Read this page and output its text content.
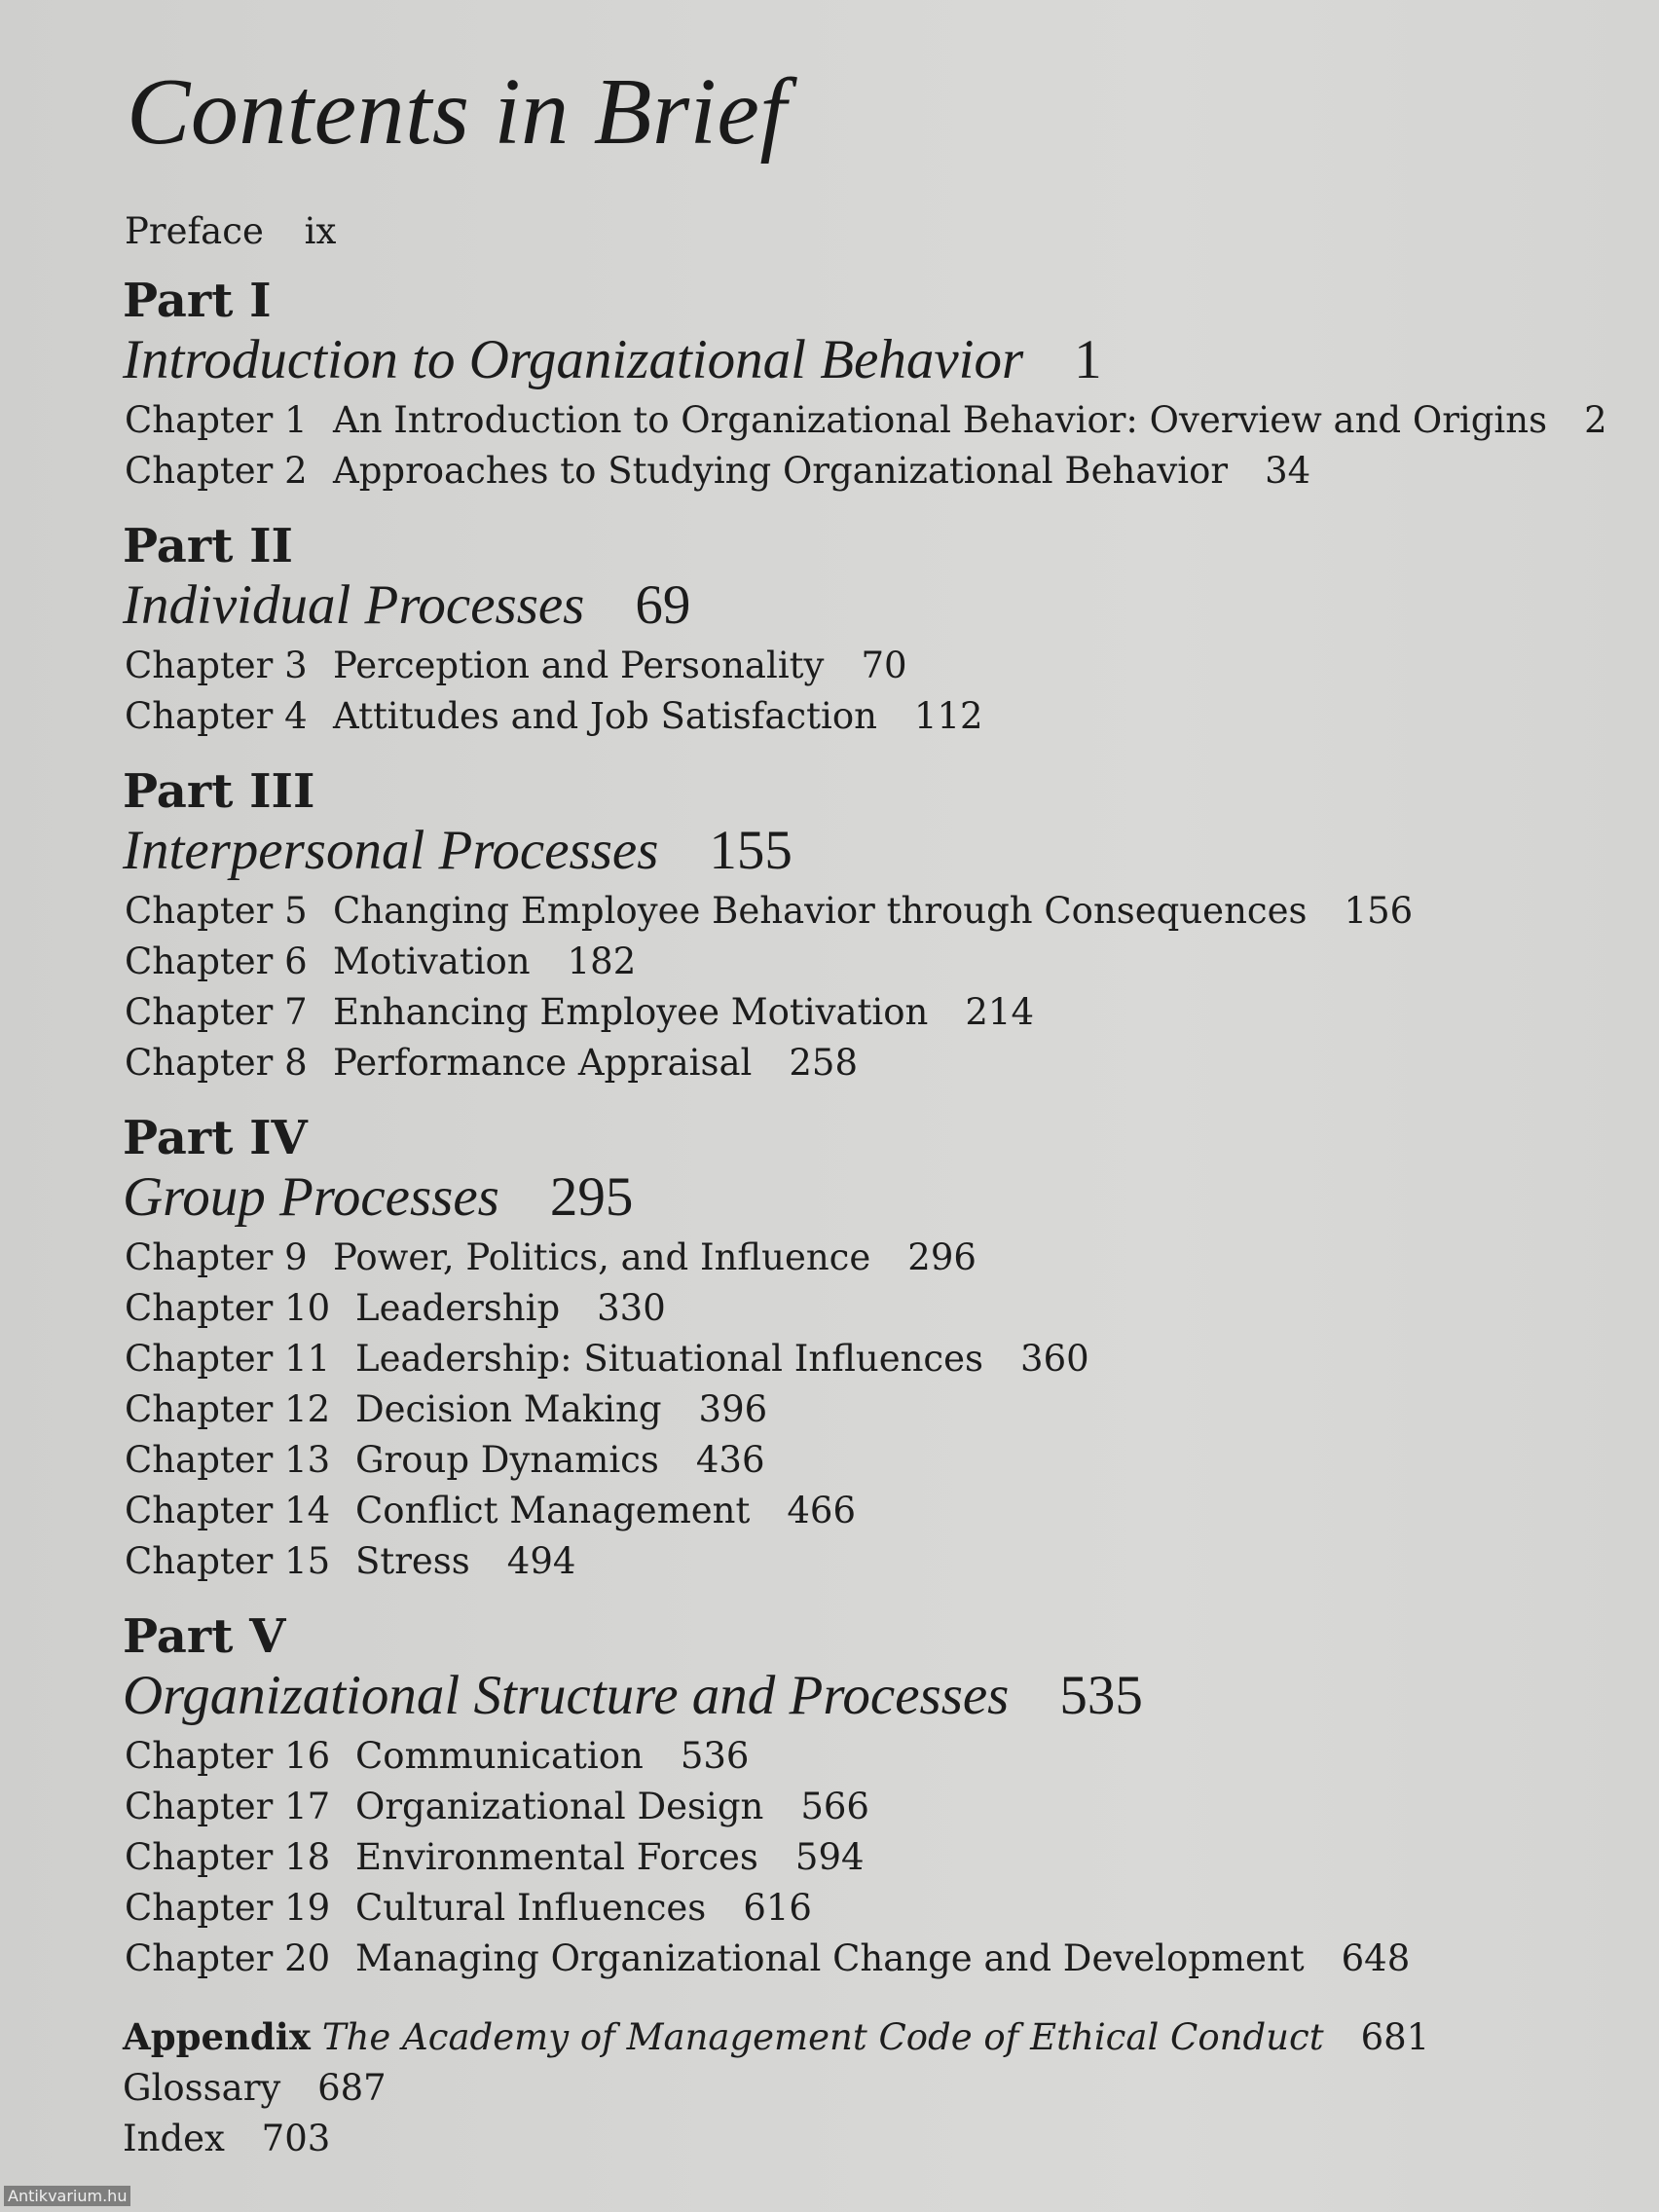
Contents in Brief
Preface ix
Part I
Introduction to Organizational Behavior 1
Chapter 1 An Introduction to Organizational Behavior: Overview and Origins 2
Chapter 2 Approaches to Studying Organizational Behavior 34
Part II
Individual Processes 69
Chapter 3 Perception and Personality 70
Chapter 4 Attitudes and Job Satisfaction 112
Part III
Interpersonal Processes 155
Chapter 5 Changing Employee Behavior through Consequences 156
Chapter 6 Motivation 182
Chapter 7 Enhancing Employee Motivation 214
Chapter 8 Performance Appraisal 258
Part IV
Group Processes 295
Chapter 9 Power, Politics, and Influence 296
Chapter 10 Leadership 330
Chapter 11 Leadership: Situational Influences 360
Chapter 12 Decision Making 396
Chapter 13 Group Dynamics 436
Chapter 14 Conflict Management 466
Chapter 15 Stress 494
Part V
Organizational Structure and Processes 535
Chapter 16 Communication 536
Chapter 17 Organizational Design 566
Chapter 18 Environmental Forces 594
Chapter 19 Cultural Influences 616
Chapter 20 Managing Organizational Change and Development 648
Appendix The Academy of Management Code of Ethical Conduct 681
Glossary 687
Index 703
Antikvarium.hu
